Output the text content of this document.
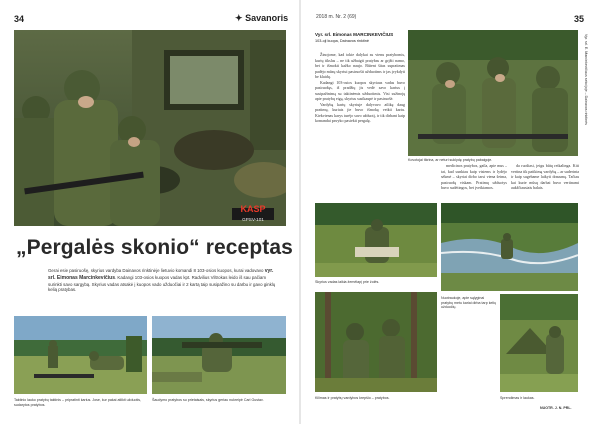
34	✦ Savanoris	2018 m. Nr. 2 (69)	35
KASP
GPSV-101
„Pergalės skonio“ receptas
Gerai esie pasiruošę, skyrius vardyba Dainavos rinktinėje lietuvio komandi 8 103-osios kuopos, kurai vadovavo vyr. srl. Eimonas Marcinkevičius. Kadangi 103-osios kuopos vadas kpt. Radvilius Viltrokas leido iš sau pačiam surinkti savo sargybą. Skyrius vadas atsakė į kuopos vado užduočiai ir 2 kartą taip susipažino su darbu ir gavo ginklų kelią pratybas.
Taktinio lauko pratybų taktinis – pripratinti karius. Jose, kur pakai atlikti užduotis, sudarytos pratybos.
Šaudymo pratybos su prietaisais, skyrius geriau nukreipė Carl Gustav.
Vyr. srl. Eimonas MARCINKEVIČIUS
103-oji kuopa, Dainavos rinktinė

Žinojome, kad tokie dalykai su vienu pratybomis, kurių tikslas – ne tik užbaigti pratybas ar grįžti namo, bet ir išmokti kažko naujo. Būtent šitas supratimas padėjo mūsų skyriui pasiruošti užduotims ir jas įvykdyti be klaidų.

Kadangi 103-osios kuopos skyriaus vadas buvo pasiruošęs, iš pradžių jis vedė savo karius į susipažinimą su taktinėmis užduotimis. Visi sužinoję apie pratybų eigą, skyrius susikaupė ir pasiruošė.

Vardybą karių skyriuje dalyvavo atlikę daug pratimų, kuriais jie buvo išmokę veikti kartu. Kiekvienas karys turėjo savo užduotį, ir tik dirbant kaip komandai pavyko pasiekti pergalę.	Vyr. srl. E. Marcinkevičiaus sekcijoje – Dainavos rinktinės
Kovotojai tikrina, ar neturi suklydę pratybų pabaigoje.
Skyrius vadas laikia žemėlapį prie žolės.

medicinos pratybos, gaila, apie mus – tai, kad sunkiau kaip visiems ir lydėjo sėkmė – skyriai dirbo tarsi viena šeima, pasiruošę viskam. Pratimų užduotys buvo sudėtingos, bet įveikiamos.

da ruošiasi, jeigu būtų reikalinga. Kiti vertina tik patikimą vardybą – ar suderinta ir kaip sugebame laikyti drausmę. Tačiau kai kurie mūsų darbai buvo vertinami aukščiausiais balais.

Kilimas ir pratybų vardybos krepšio – pratybos.
Nuotraukoje, apie sąlyginai pratybų metu kariai dirba tarp kelių užduočių.
Sprendimas ir laukas.
NUOTR. J. N. PRL.
